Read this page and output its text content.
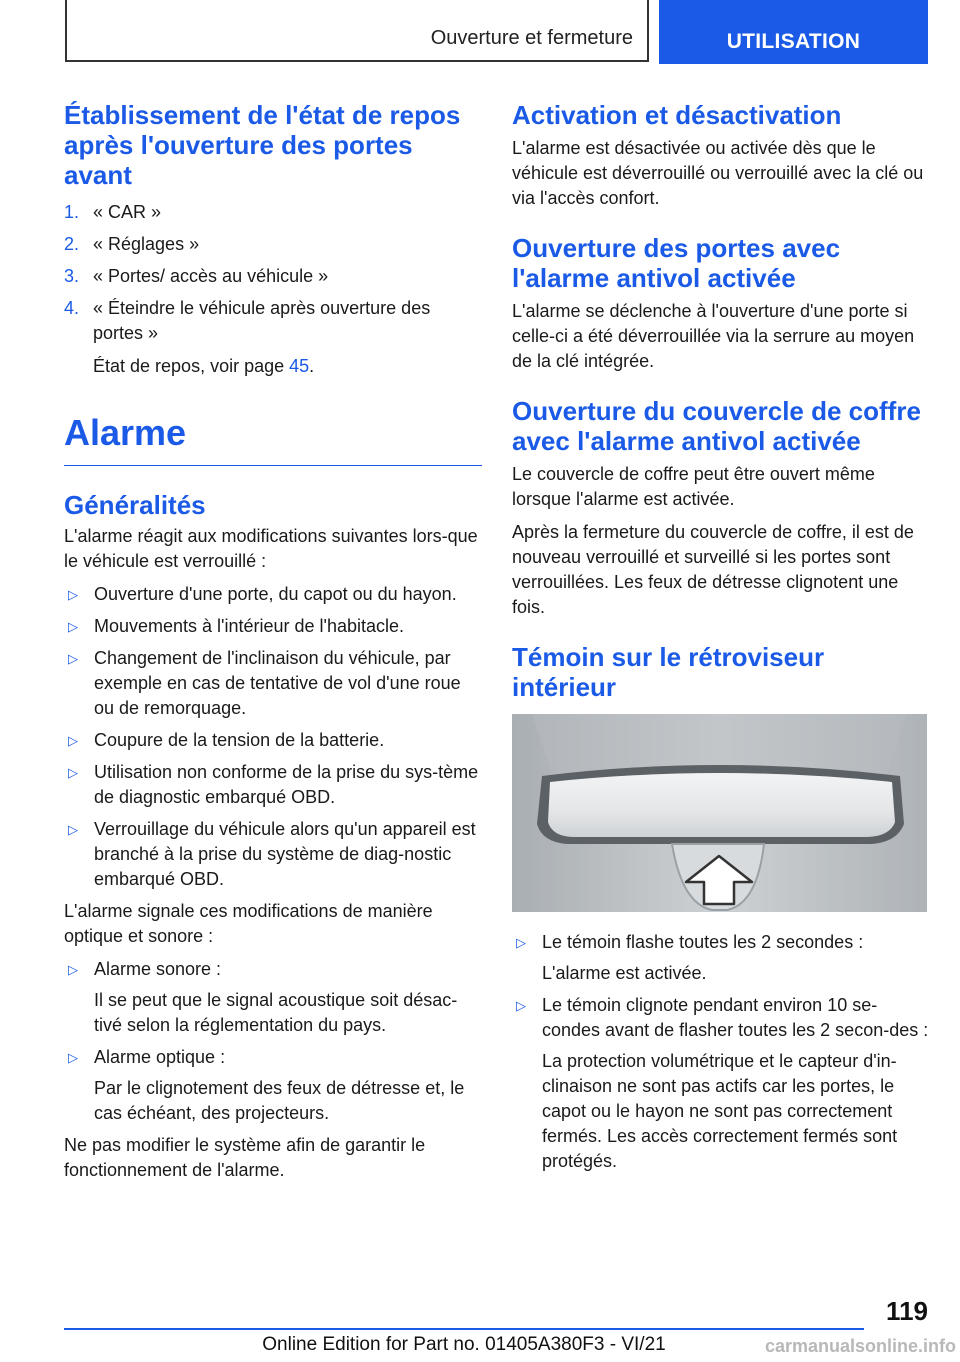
Ouverture et fermeture	UTILISATION
Établissement de l'état de repos après l'ouverture des portes avant
1. « CAR »
2. « Réglages »
3. « Portes/ accès au véhicule »
4. « Éteindre le véhicule après ouverture des portes »

État de repos, voir page 45.

Alarme
Généralités

L'alarme réagit aux modifications suivantes lors-que le véhicule est verrouillé :

▷ Ouverture d'une porte, du capot ou du hayon.
▷ Mouvements à l'intérieur de l'habitacle.
▷ Changement de l'inclinaison du véhicule, par exemple en cas de tentative de vol d'une roue ou de remorquage.
▷ Coupure de la tension de la batterie.
▷ Utilisation non conforme de la prise du sys-tème de diagnostic embarqué OBD.
▷ Verrouillage du véhicule alors qu'un appareil est branché à la prise du système de diag-nostic embarqué OBD.

L'alarme signale ces modifications de manière optique et sonore :

▷ Alarme sonore :
Il se peut que le signal acoustique soit désac-tivé selon la réglementation du pays.
▷ Alarme optique :
Par le clignotement des feux de détresse et, le cas échéant, des projecteurs.

Ne pas modifier le système afin de garantir le fonctionnement de l'alarme.

Activation et désactivation

L'alarme est désactivée ou activée dès que le véhicule est déverrouillé ou verrouillé avec la clé ou via l'accès confort.

Ouverture des portes avec l'alarme antivol activée

L'alarme se déclenche à l'ouverture d'une porte si celle-ci a été déverrouillée via la serrure au moyen de la clé intégrée.

Ouverture du couvercle de coffre avec l'alarme antivol activée

Le couvercle de coffre peut être ouvert même lorsque l'alarme est activée.

Après la fermeture du couvercle de coffre, il est de nouveau verrouillé et surveillé si les portes sont verrouillées. Les feux de détresse clignotent une fois.

Témoin sur le rétroviseur intérieur
▷ Le témoin flashe toutes les 2 secondes :
L'alarme est activée.
▷ Le témoin clignote pendant environ 10 se-condes avant de flasher toutes les 2 secon-des :
La protection volumétrique et le capteur d'in-clinaison ne sont pas actifs car les portes, le capot ou le hayon ne sont pas correctement fermés. Les accès correctement fermés sont protégés.
119
Online Edition for Part no. 01405A380F3 - VI/21	carmanualsonline.info
